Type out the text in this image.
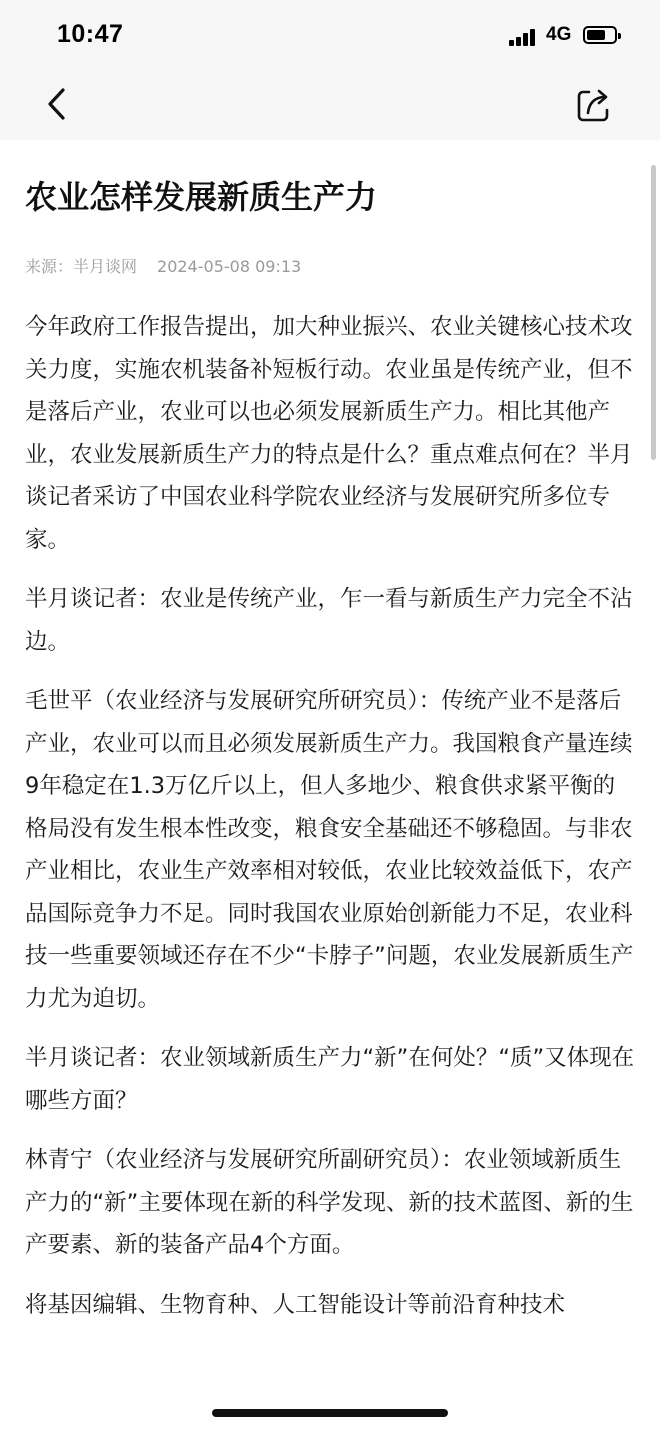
10:47	4G
农业怎样发展新质生产力
来源：半月谈网 2024-05-08 09:13

今年政府工作报告提出，加大种业振兴、农业关键核心技术攻关力度，实施农机装备补短板行动。农业虽是传统产业，但不是落后产业，农业可以也必须发展新质生产力。相比其他产业，农业发展新质生产力的特点是什么？重点难点何在？半月谈记者采访了中国农业科学院农业经济与发展研究所多位专家。

半月谈记者：农业是传统产业，乍一看与新质生产力完全不沾边。

毛世平（农业经济与发展研究所研究员）：传统产业不是落后产业，农业可以而且必须发展新质生产力。我国粮食产量连续9年稳定在1.3万亿斤以上，但人多地少、粮食供求紧平衡的格局没有发生根本性改变，粮食安全基础还不够稳固。与非农产业相比，农业生产效率相对较低，农业比较效益低下，农产品国际竞争力不足。同时我国农业原始创新能力不足，农业科技一些重要领域还存在不少“卡脖子”问题，农业发展新质生产力尤为迫切。

半月谈记者：农业领域新质生产力“新”在何处？“质”又体现在哪些方面？

林青宁（农业经济与发展研究所副研究员）：农业领域新质生产力的“新”主要体现在新的科学发现、新的技术蓝图、新的生产要素、新的装备产品4个方面。

将基因编辑、生物育种、人工智能设计等前沿育种技术
